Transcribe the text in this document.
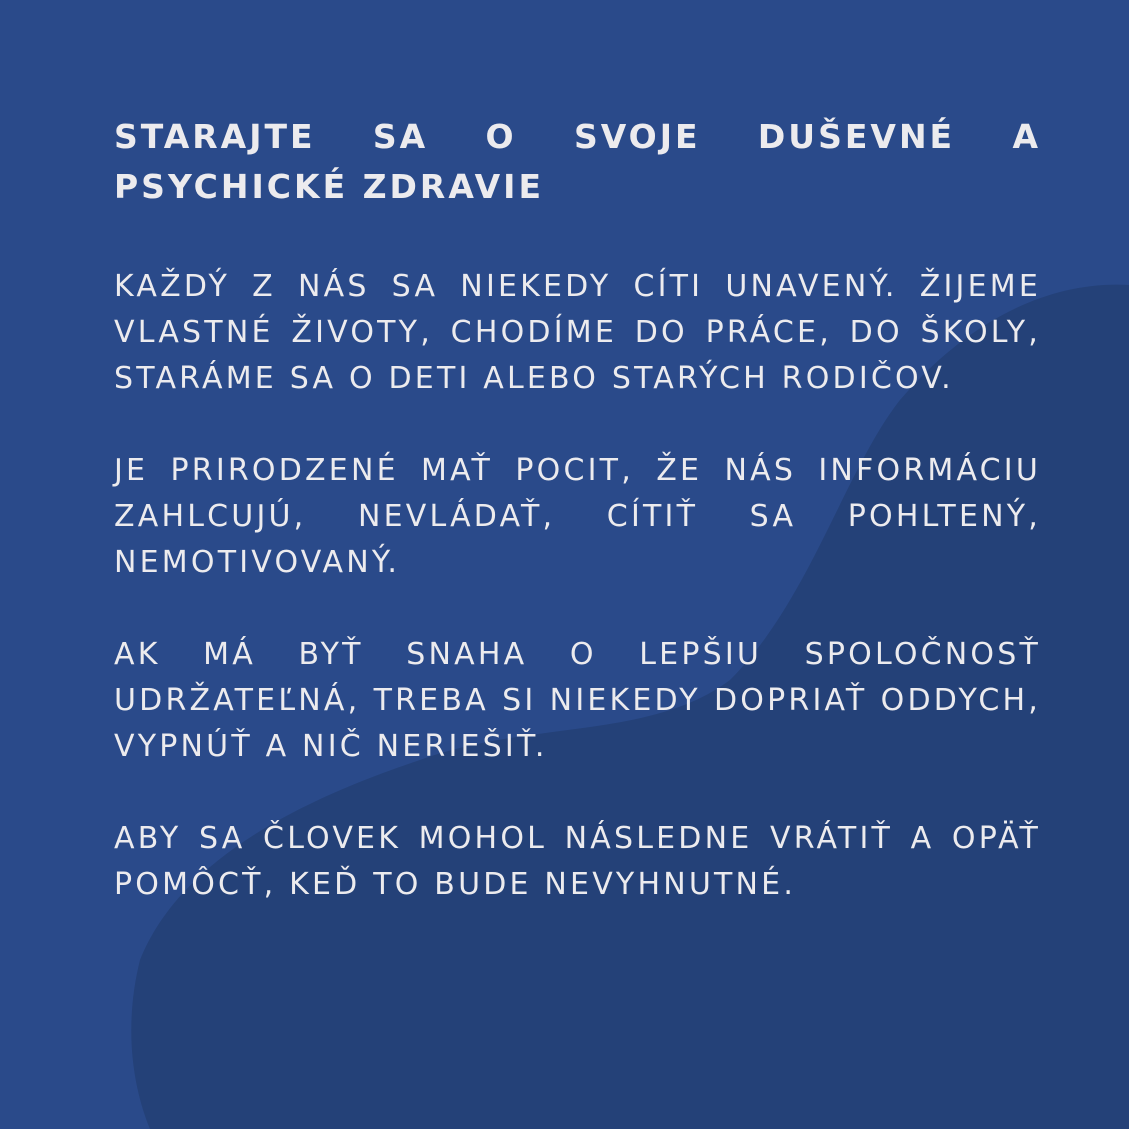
STARAJTE SA O SVOJE DUŠEVNÉ A PSYCHICKÉ ZDRAVIE

KAŽDÝ Z NÁS SA NIEKEDY CÍTI UNAVENÝ. ŽIJEME VLASTNÉ ŽIVOTY, CHODÍME DO PRÁCE, DO ŠKOLY, STARÁME SA O DETI ALEBO STARÝCH RODIČOV.

JE PRIRODZENÉ MAŤ POCIT, ŽE NÁS INFORMÁCIU ZAHLCUJÚ, NEVLÁDAŤ, CÍTIŤ SA POHLTENÝ, NEMOTIVOVANÝ.

AK MÁ BYŤ SNAHA O LEPŠIU SPOLOČNOSŤ UDRŽATEĽNÁ, TREBA SI NIEKEDY DOPRIAŤ ODDYCH, VYPNÚŤ A NIČ NERIEŠIŤ.

ABY SA ČLOVEK MOHOL NÁSLEDNE VRÁTIŤ A OPÄŤ POMÔCŤ, KEĎ TO BUDE NEVYHNUTNÉ.
